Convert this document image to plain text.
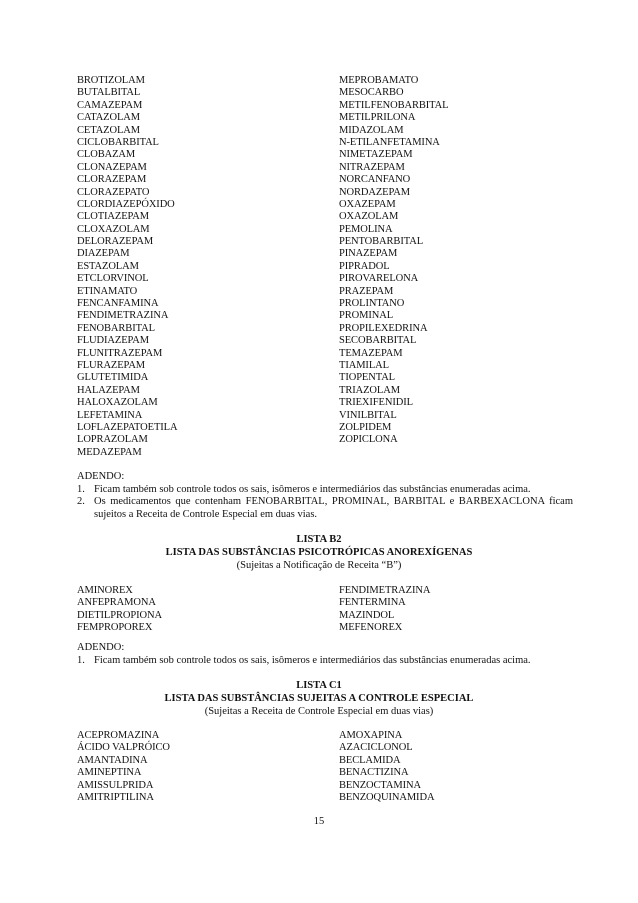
BROTIZOLAM
BUTALBITAL
CAMAZEPAM
CATAZOLAM
CETAZOLAM
CICLOBARBITAL
CLOBAZAM
CLONAZEPAM
CLORAZEPAM
CLORAZEPATO
CLORDIAZEPÓXIDO
CLOTIAZEPAM
CLOXAZOLAM
DELORAZEPAM
DIAZEPAM
ESTAZOLAM
ETCLORVINOL
ETINAMATO
FENCANFAMINA
FENDIMETRAZINA
FENOBARBITAL
FLUDIAZEPAM
FLUNITRAZEPAM
FLURAZEPAM
GLUTETIMIDA
HALAZEPAM
HALOXAZOLAM
LEFETAMINA
LOFLAZEPATOETILA
LOPRAZOLAM
MEDAZEPAM
MEPROBAMATO
MESOCARBO
METILFENOBARBITAL
METILPRILONA
MIDAZOLAM
N-ETILANFETAMINA
NIMETAZEPAM
NITRAZEPAM
NORCANFANO
NORDAZEPAM
OXAZEPAM
OXAZOLAM
PEMOLINA
PENTOBARBITAL
PINAZEPAM
PIPRADOL
PIROVARELONA
PRAZEPAM
PROLINTANO
PROMINAL
PROPILEXEDRINA
SECOBARBITAL
TEMAZEPAM
TIAMILAL
TIOPENTAL
TRIAZOLAM
TRIEXIFENIDIL
VINILBITAL
ZOLPIDEM
ZOPICLONA
ADENDO:
1. Ficam também sob controle todos os sais, isômeros e intermediários das substâncias enumeradas acima.
2. Os medicamentos que contenham FENOBARBITAL, PROMINAL, BARBITAL e BARBEXACLONA ficam sujeitos a Receita de Controle Especial em duas vias.
LISTA B2
LISTA DAS SUBSTÂNCIAS PSICOTRÓPICAS ANOREXÍGENAS
(Sujeitas a Notificação de Receita “B”)
AMINOREX
ANFEPRAMONA
DIETILPROPIONA
FEMPROPOREX
FENDIMETRAZINA
FENTERMINA
MAZINDOL
MEFENOREX
ADENDO:
1. Ficam também sob controle todos os sais, isômeros e intermediários das substâncias enumeradas acima.
LISTA C1
LISTA DAS SUBSTÂNCIAS SUJEITAS A CONTROLE ESPECIAL
(Sujeitas a Receita de Controle Especial em duas vias)
ACEPROMAZINA
ÁCIDO VALPRÓICO
AMANTADINA
AMINEPTINA
AMISSULPRIDA
AMITRIPTILINA
AMOXAPINA
AZACICLONOL
BECLAMIDA
BENACTIZINA
BENZOCTAMINA
BENZOQUINAMIDA
15
